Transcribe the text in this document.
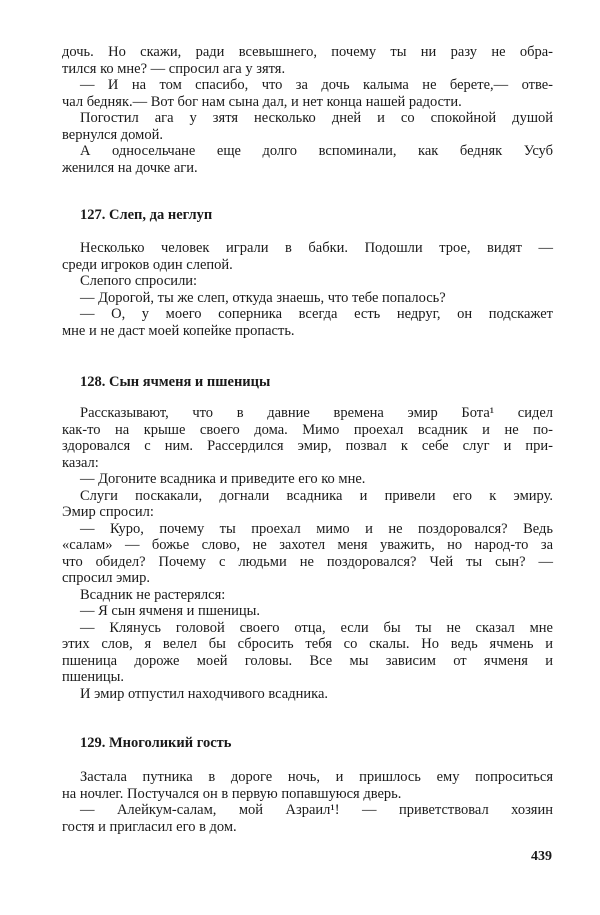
дочь. Но скажи, ради всевышнего, почему ты ни разу не обра-
тился ко мне? — спросил ага у зятя.
— И на том спасибо, что за дочь калыма не берете,— отве-
чал бедняк.— Вот бог нам сына дал, и нет конца нашей радости.
Погостил ага у зятя несколько дней и со спокойной душой
вернулся домой.
А односельчане еще долго вспоминали, как бедняк Усуб
женился на дочке аги.
127. Слеп, да неглуп
Несколько человек играли в бабки. Подошли трое, видят —
среди игроков один слепой.
Слепого спросили:
— Дорогой, ты же слеп, откуда знаешь, что тебе попалось?
— О, у моего соперника всегда есть недруг, он подскажет
мне и не даст моей копейке пропасть.
128. Сын ячменя и пшеницы
Рассказывают, что в давние времена эмир Бота¹ сидел
как-то на крыше своего дома. Мимо проехал всадник и не по-
здоровался с ним. Рассердился эмир, позвал к себе слуг и при-
казал:
— Догоните всадника и приведите его ко мне.
Слуги поскакали, догнали всадника и привели его к эмиру.
Эмир спросил:
— Куро, почему ты проехал мимо и не поздоровался? Ведь
«салам» — божье слово, не захотел меня уважить, но народ-то за
что обидел? Почему с людьми не поздоровался? Чей ты сын? —
спросил эмир.
Всадник не растерялся:
— Я сын ячменя и пшеницы.
— Клянусь головой своего отца, если бы ты не сказал мне
этих слов, я велел бы сбросить тебя со скалы. Но ведь ячмень и
пшеница дороже моей головы. Все мы зависим от ячменя и
пшеницы.
И эмир отпустил находчивого всадника.
129. Многоликий гость
Застала путника в дороге ночь, и пришлось ему попроситься
на ночлег. Постучался он в первую попавшуюся дверь.
— Алейкум-салам, мой Азраил¹! — приветствовал хозяин
гостя и пригласил его в дом.
439
